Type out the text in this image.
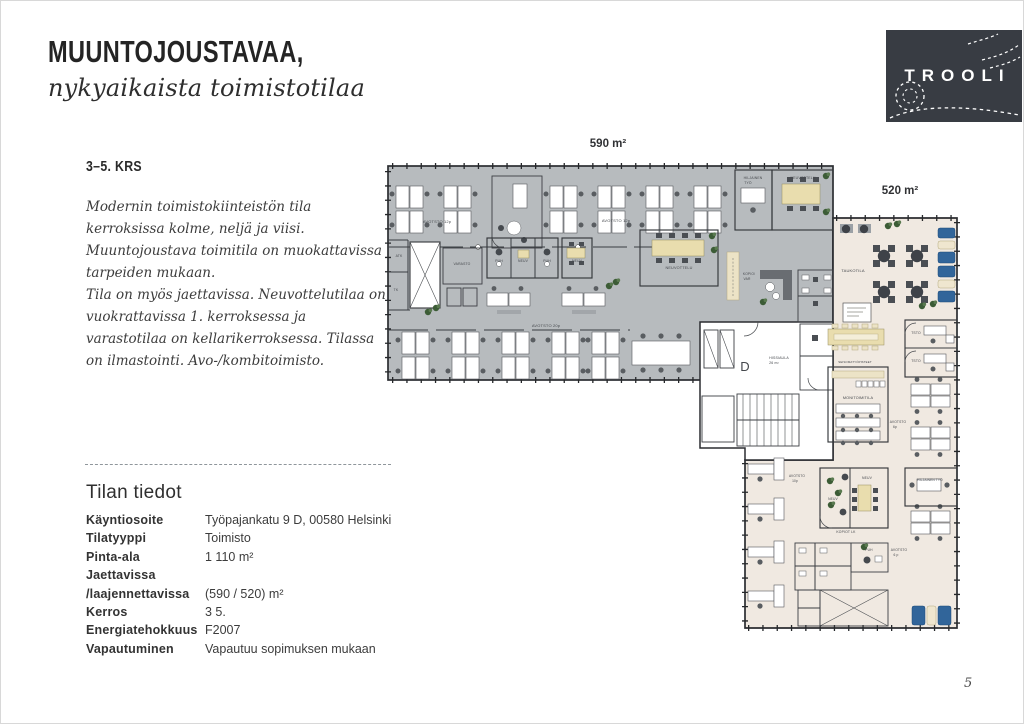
MUUNTOJOUSTAVAA,
nykyaikaista toimistotilaa
3–5. KRS
Modernin toimistokiinteistön tila kerroksissa kolme, neljä ja viisi. Muuntojoustava toimitila on muokattavissa tarpeiden mukaan.
Tila on myös jaettavissa. Neuvottelutilaa on vuokrattavissa 1. kerroksessa ja varastotilaa on kellarikerroksessa. Tilassa on ilmastointi. Avo-/kombitoimisto.
Tilan tiedot
Käyntiosoite	Työpajankatu 9 D, 00580 Helsinki
Tilatyyppi	Toimisto
Pinta-ala	1 110 m²
Jaettavissa
/laajennettavissa	(590 / 520) m²
Kerros	3 5.
Energiatehokkuus F2007
Vapautuminen	Vapautuu sopimuksen mukaan
TROOLI
590 m²
520 m²
AVOTSTO 12p	AVOTSTO 12p
HILJAINEN
TYÖ
NEUVOTTELU
ATK
TK
VARASTO
PUH	NEUV	PUH	NEUV
NEUVOTTELU
AVOTSTO 20p
KOPIO/
VAR
TAUKOTILA
SEISOMATYÖPISTEET
MONITOIMITILA
TSTO
TSTO
AVOTSTO
6p
HILJAINEN TYÖ
NEUV
NEUV
AVOTSTO
10p
KOPIOT LK
PUH	AVOTSTO
6 p
D
HISSIAULA
26 m²
5
